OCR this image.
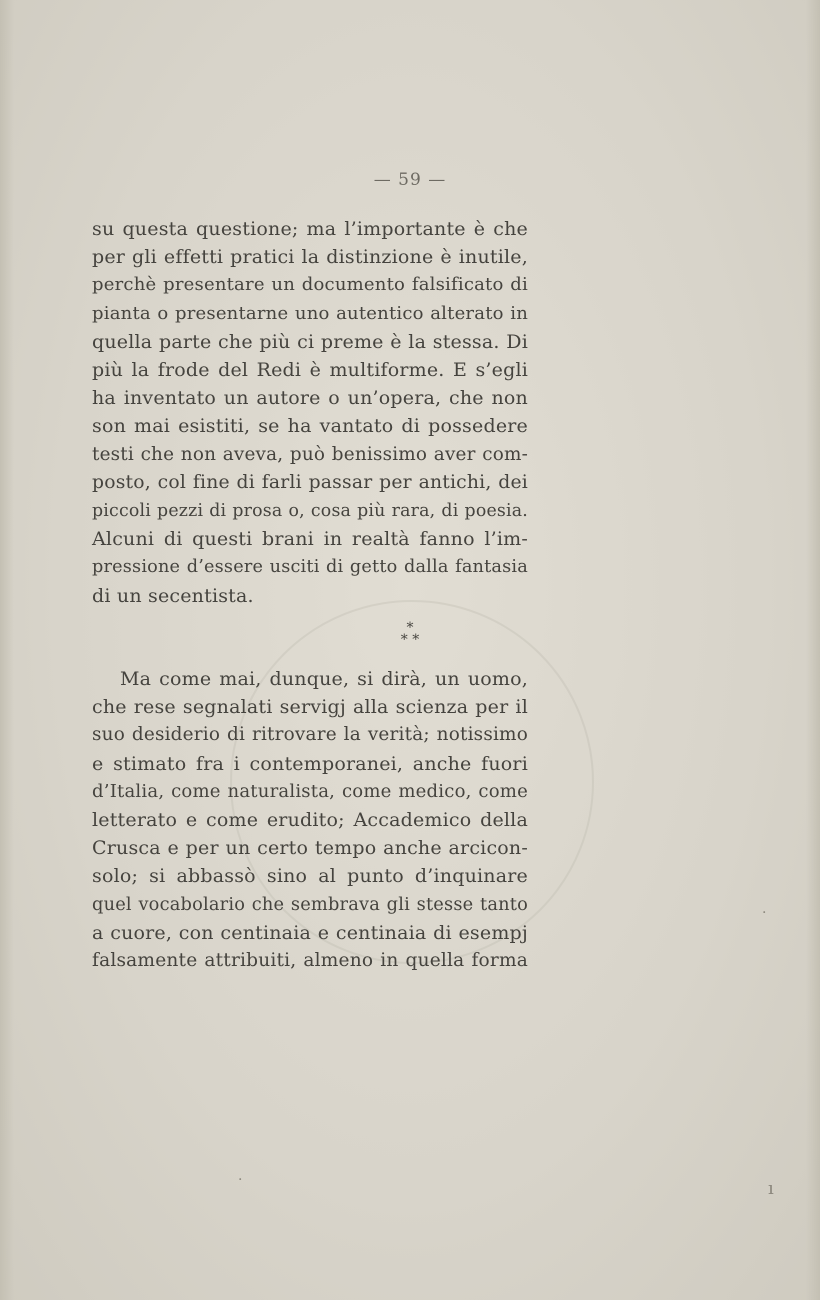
— 59 —
su questa questione; ma l’importante è che
per gli effetti pratici la distinzione è inutile,
perchè presentare un documento falsificato di
pianta o presentarne uno autentico alterato in
quella parte che più ci preme è la stessa. Di
più la frode del Redi è multiforme. E s’egli
ha inventato un autore o un’opera, che non
son mai esistiti, se ha vantato di possedere
testi che non aveva, può benissimo aver com-
posto, col fine di farli passar per antichi, dei
piccoli pezzi di prosa o, cosa più rara, di poesia.
Alcuni di questi brani in realtà fanno l’im-
pressione d’essere usciti di getto dalla fantasia
di un secentista.
*
* *
Ma come mai, dunque, si dirà, un uomo,
che rese segnalati servigj alla scienza per il
suo desiderio di ritrovare la verità; notissimo
e stimato fra i contemporanei, anche fuori
d’Italia, come naturalista, come medico, come
letterato e come erudito; Accademico della
Crusca e per un certo tempo anche arcicon-
solo; si abbassò sino al punto d’inquinare
quel vocabolario che sembrava gli stesse tanto
a cuore, con centinaia e centinaia di esempj
falsamente attribuiti, almeno in quella forma
·	ı
·
